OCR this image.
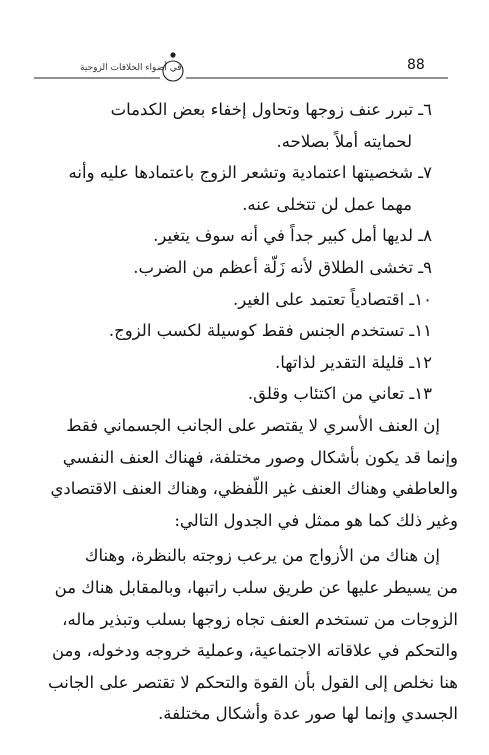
في أضواء الخلافات الزوجية	88
٦ـ تبرر عنف زوجها وتحاول إخفاء بعض الكدمات
لحمايته أملاً بصلاحه.
٧ـ شخصيتها اعتمادية وتشعر الزوج باعتمادها عليه وأنه
مهما عمل لن تتخلى عنه.
٨ـ لديها أمل كبير جداً في أنه سوف يتغير.
٩ـ تخشى الطلاق لأنه زَلّة أعظم من الضرب.
١٠ـ اقتصادياً تعتمد على الغير.
١١ـ تستخدم الجنس فقط كوسيلة لكسب الزوج.
١٢ـ قليلة التقدير لذاتها.
١٣ـ تعاني من اكتئاب وقلق.
إن العنف الأسري لا يقتصر على الجانب الجسماني فقط
وإنما قد يكون بأشكال وصور مختلفة، فهناك العنف النفسي
والعاطفي وهناك العنف غير اللّفظي، وهناك العنف الاقتصادي
وغير ذلك كما هو ممثل في الجدول التالي:
إن هناك من الأزواج من يرعب زوجته بالنظرة، وهناك
من يسيطر عليها عن طريق سلب راتبها، وبالمقابل هناك من
الزوجات من تستخدم العنف تجاه زوجها بسلب وتبذير ماله،
والتحكم في علاقاته الاجتماعية، وعملية خروجه ودخوله، ومن
هنا نخلص إلى القول بأن القوة والتحكم لا تقتصر على الجانب
الجسدي وإنما لها صور عدة وأشكال مختلفة.
